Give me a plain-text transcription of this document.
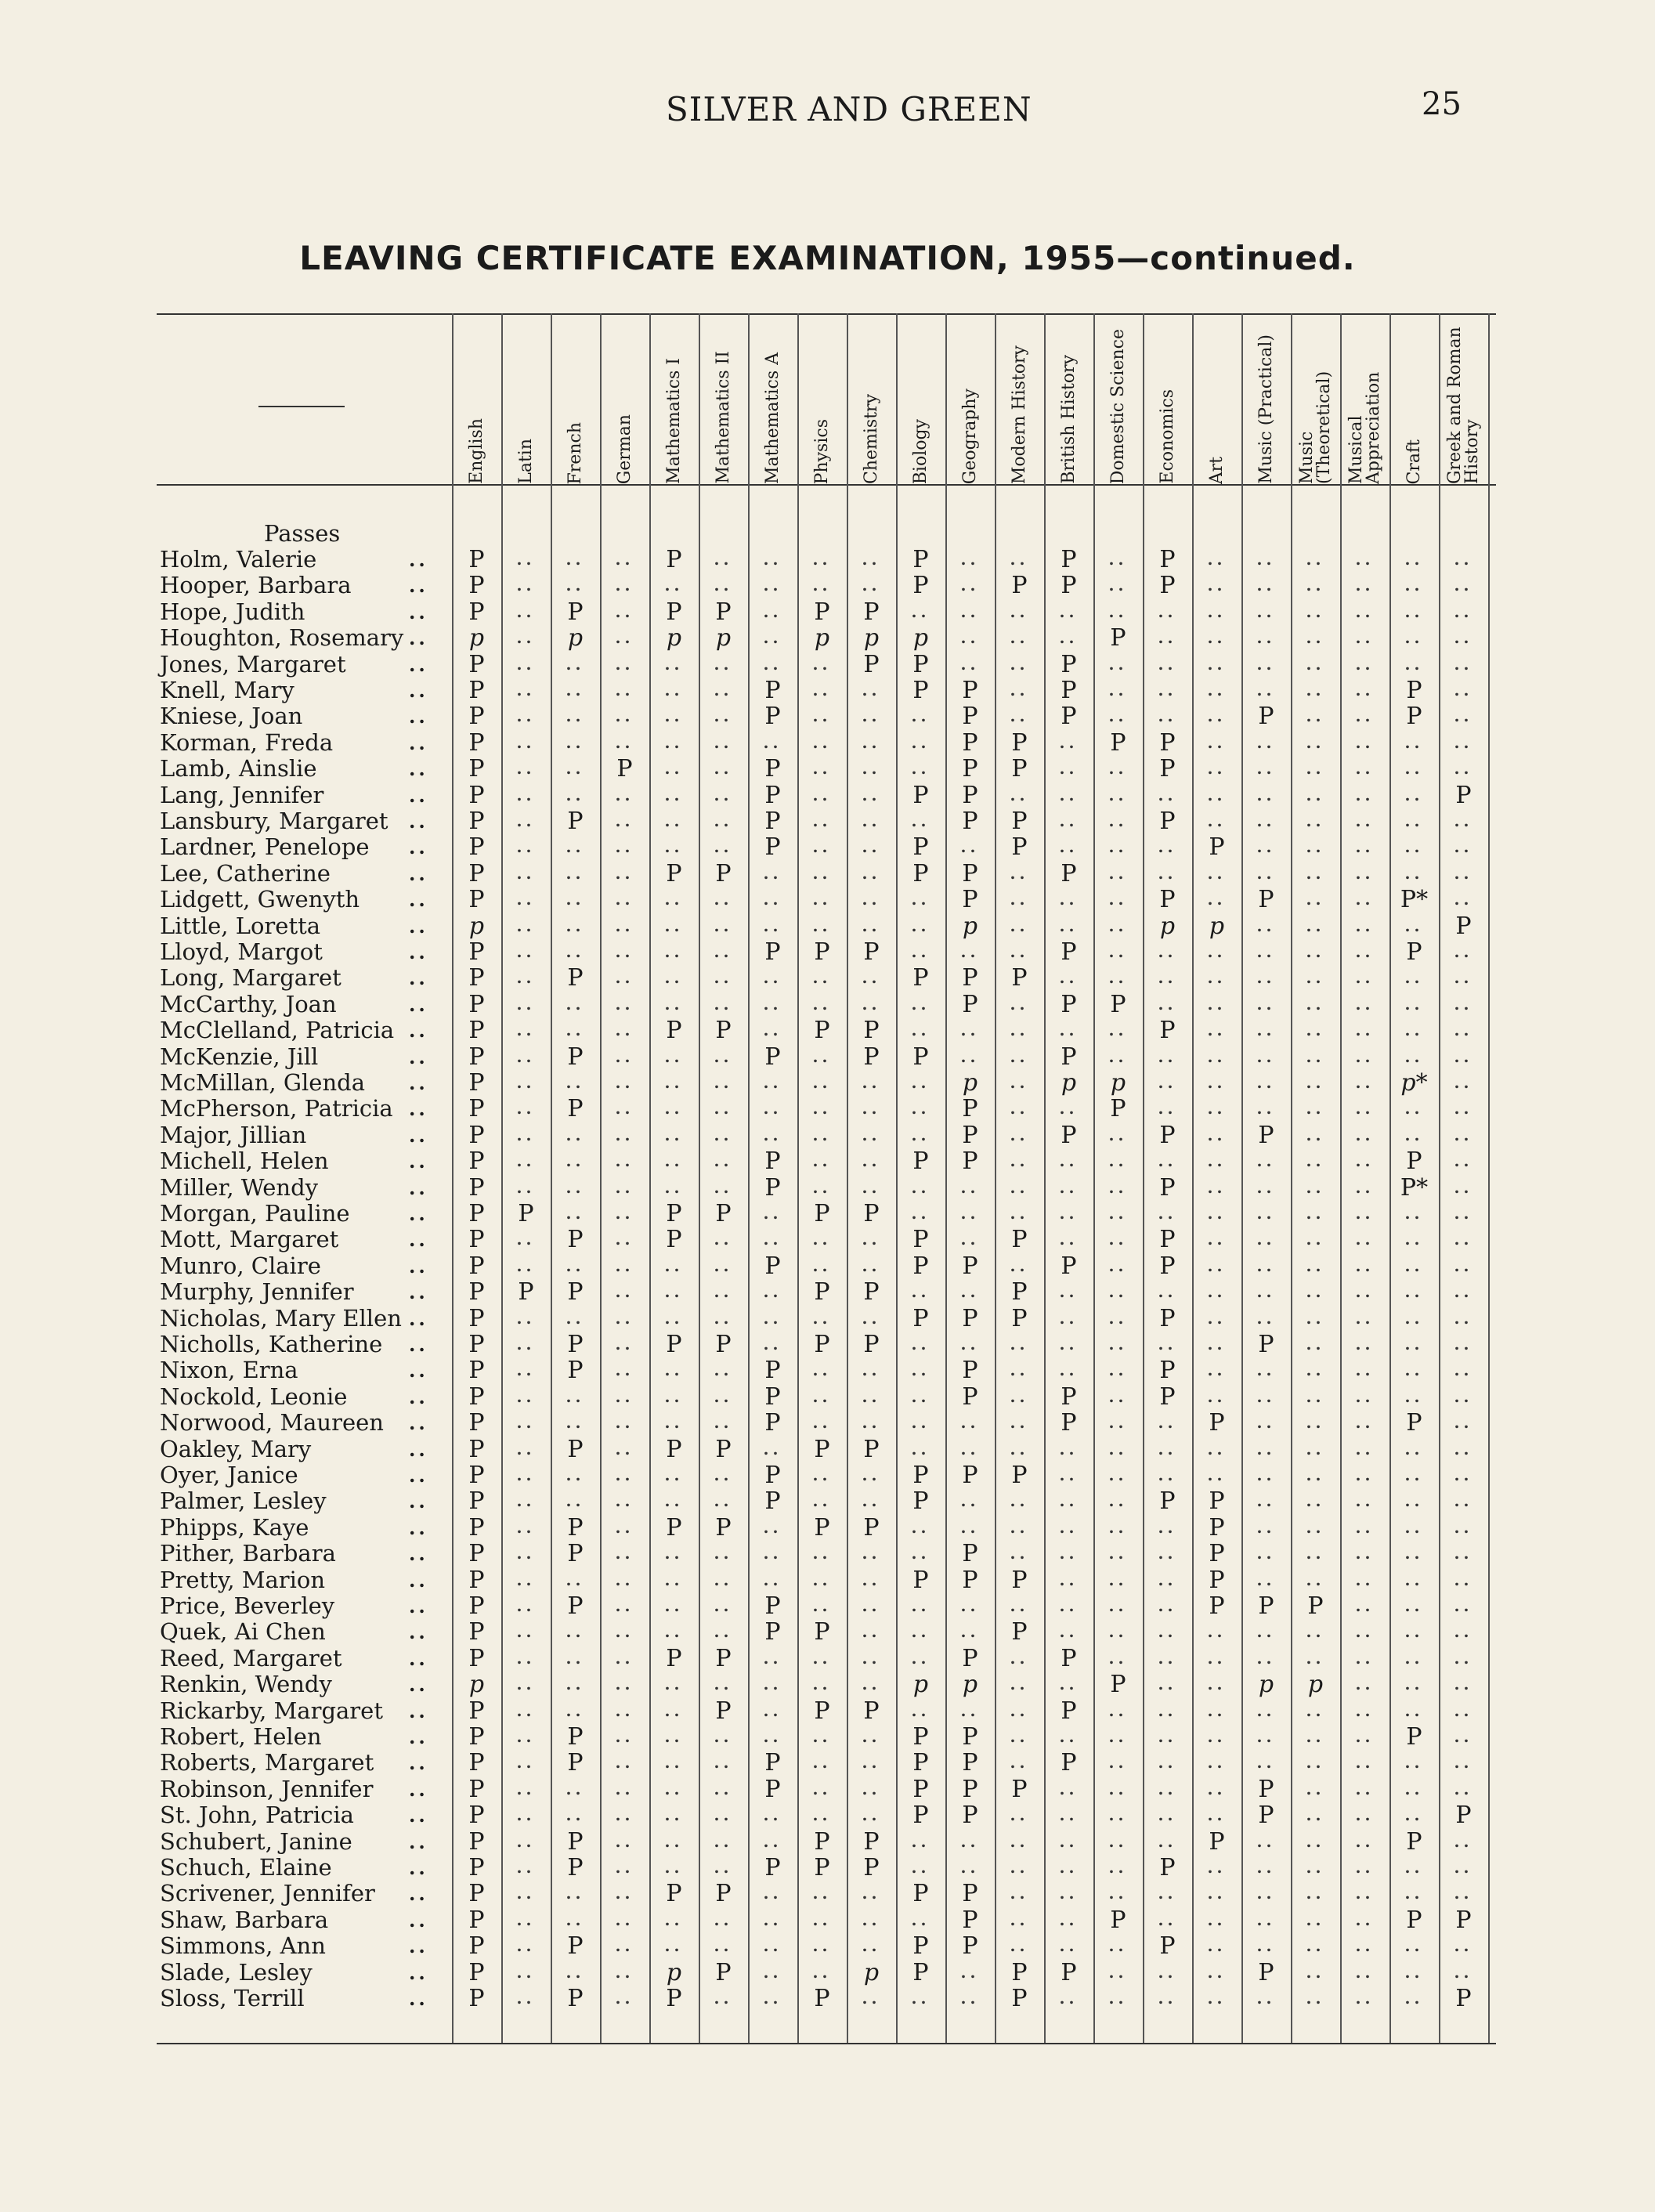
SILVER AND GREEN	25
LEAVING CERTIFICATE EXAMINATION, 1955—continued.
English Latin French German Mathematics I Mathematics II Mathematics A Physics Chemistry Biology Geography Modern History British History Domestic Science Economics Art Music (Practical) Music (Theoretical) Musical Appreciation Craft Greek and Roman History
Passes
Holm, Valerie	.. P .. .. .. P .. .. .. .. P .. .. P .. P .. .. .. .. .. ..
Hooper, Barbara	.. P .. .. .. .. .. .. .. .. P .. P P .. P .. .. .. .. .. ..
Hope, Judith	.. P .. P .. P P .. P P .. .. .. .. .. .. .. .. .. .. .. ..
Houghton, Rosemary .. p .. p .. p p .. p p p .. .. .. P .. .. .. .. .. .. ..
Jones, Margaret	.. P .. .. .. .. .. .. .. P P .. .. P .. .. .. .. .. .. .. ..
Knell, Mary	.. P .. .. .. .. .. P .. .. P P .. P .. .. .. .. .. .. P ..
Kniese, Joan	.. P .. .. .. .. .. P .. .. .. P .. P .. .. .. P .. .. P ..
Korman, Freda	.. P .. .. .. .. .. .. .. .. .. P P .. P P .. .. .. .. .. ..
Lamb, Ainslie	.. P .. .. P .. .. P .. .. .. P P .. .. P .. .. .. .. .. ..
Lang, Jennifer	.. P .. .. .. .. .. P .. .. P P .. .. .. .. .. .. .. .. .. P
Lansbury, Margaret .. P .. P .. .. .. P .. .. .. P P .. .. P .. .. .. .. .. ..
Lardner, Penelope .. P .. .. .. .. .. P .. .. P .. P .. .. .. P .. .. .. .. ..
Lee, Catherine	.. P .. .. .. P P .. .. .. P P .. P .. .. .. .. .. .. .. ..
Lidgett, Gwenyth	.. P .. .. .. .. .. .. .. .. .. P .. .. .. P .. P .. .. P* ..
Little, Loretta	.. p .. .. .. .. .. .. .. .. .. p .. .. .. p p .. .. .. .. P
Lloyd, Margot	.. P .. .. .. .. .. P P P .. .. .. P .. .. .. .. .. .. P ..
Long, Margaret	.. P .. P .. .. .. .. .. .. P P P .. .. .. .. .. .. .. .. ..
McCarthy, Joan	.. P .. .. .. .. .. .. .. .. .. P .. P P .. .. .. .. .. .. ..
McClelland, Patricia .. P .. .. .. P P .. P P .. .. .. .. .. P .. .. .. .. .. ..
McKenzie, Jill	.. P .. P .. .. .. P .. P P .. .. P .. .. .. .. .. .. .. ..
McMillan, Glenda .. P .. .. .. .. .. .. .. .. .. p .. p p .. .. .. .. .. p* ..
McPherson, Patricia .. P .. P .. .. .. .. .. .. .. P .. .. P .. .. .. .. .. .. ..
Major, Jillian	.. P .. .. .. .. .. .. .. .. .. P .. P .. P .. P .. .. .. ..
Michell, Helen	.. P .. .. .. .. .. P .. .. P P .. .. .. .. .. .. .. .. P ..
Miller, Wendy	.. P .. .. .. .. .. P .. .. .. .. .. .. .. P .. .. .. .. P* ..
Morgan, Pauline	.. P P .. .. P P .. P P .. .. .. .. .. .. .. .. .. .. .. ..
Mott, Margaret	.. P .. P .. P .. .. .. .. P .. P .. .. P .. .. .. .. .. ..
Munro, Claire	.. P .. .. .. .. .. P .. .. P P .. P .. P .. .. .. .. .. ..
Murphy, Jennifer	.. P P P .. .. .. .. P P .. .. P .. .. .. .. .. .. .. .. ..
Nicholas, Mary Ellen .. P .. .. .. .. .. .. .. .. P P P .. .. P .. .. .. .. .. ..
Nicholls, Katherine .. P .. P .. P P .. P P .. .. .. .. .. .. .. P .. .. .. ..
Nixon, Erna	.. P .. P .. .. .. P .. .. .. P .. .. .. P .. .. .. .. .. ..
Nockold, Leonie	.. P .. .. .. .. .. P .. .. .. P .. P .. P .. .. .. .. .. ..
Norwood, Maureen .. P .. .. .. .. .. P .. .. .. .. .. P .. .. P .. .. .. P ..
Oakley, Mary	.. P .. P .. P P .. P P .. .. .. .. .. .. .. .. .. .. .. ..
Oyer, Janice	.. P .. .. .. .. .. P .. .. P P P .. .. .. .. .. .. .. .. ..
Palmer, Lesley	.. P .. .. .. .. .. P .. .. P .. .. .. .. P P .. .. .. .. ..
Phipps, Kaye	.. P .. P .. P P .. P P .. .. .. .. .. .. P .. .. .. .. ..
Pither, Barbara	.. P .. P .. .. .. .. .. .. .. P .. .. .. .. P .. .. .. .. ..
Pretty, Marion	.. P .. .. .. .. .. .. .. .. P P P .. .. .. P .. .. .. .. ..
Price, Beverley	.. P .. P .. .. .. P .. .. .. .. .. .. .. .. P P P .. .. ..
Quek, Ai Chen	.. P .. .. .. .. .. P P .. .. .. P .. .. .. .. .. .. .. .. ..
Reed, Margaret	.. P .. .. .. P P .. .. .. .. P .. P .. .. .. .. .. .. .. ..
Renkin, Wendy	.. p .. .. .. .. .. .. .. .. p p .. .. P .. .. p p .. .. ..
Rickarby, Margaret .. P .. .. .. .. P .. P P .. .. .. P .. .. .. .. .. .. .. ..
Robert, Helen	.. P .. P .. .. .. .. .. .. P P .. .. .. .. .. .. .. .. P ..
Roberts, Margaret .. P .. P .. .. .. P .. .. P P .. P .. .. .. .. .. .. .. ..
Robinson, Jennifer .. P .. .. .. .. .. P .. .. P P P .. .. .. .. P .. .. .. ..
St. John, Patricia	.. P .. .. .. .. .. .. .. .. P P .. .. .. .. .. P .. .. .. P
Schubert, Janine	.. P .. P .. .. .. .. P P .. .. .. .. .. .. P .. .. .. P ..
Schuch, Elaine	.. P .. P .. .. .. P P P .. .. .. .. .. P .. .. .. .. .. ..
Scrivener, Jennifer .. P .. .. .. P P .. .. .. P P .. .. .. .. .. .. .. .. .. ..
Shaw, Barbara	.. P .. .. .. .. .. .. .. .. .. P .. .. P .. .. .. .. .. P P
Simmons, Ann	.. P .. P .. .. .. .. .. .. P P .. .. .. P .. .. .. .. .. ..
Slade, Lesley	.. P .. .. .. p P .. .. p P .. P P .. .. .. P .. .. .. ..
Sloss, Terrill	.. P .. P .. P .. .. P .. .. .. P .. .. .. .. .. .. .. .. P
